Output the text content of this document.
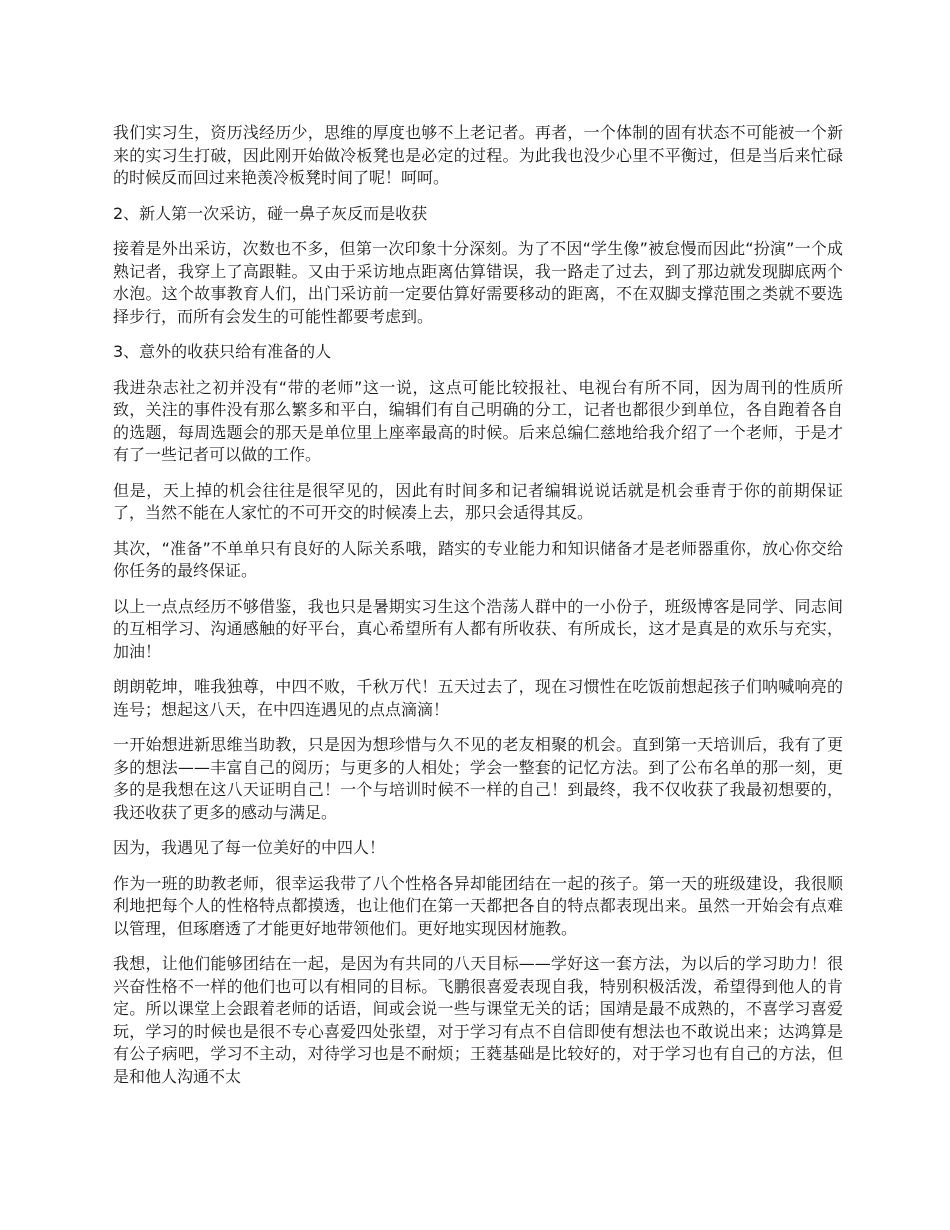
我们实习生，资历浅经历少，思维的厚度也够不上老记者。再者，一个体制的固有状态不可能被一个新来的实习生打破，因此刚开始做冷板凳也是必定的过程。为此我也没少心里不平衡过，但是当后来忙碌的时候反而回过来艳羡冷板凳时间了呢！呵呵。

2、新人第一次采访，碰一鼻子灰反而是收获

接着是外出采访，次数也不多，但第一次印象十分深刻。为了不因“学生像”被怠慢而因此“扮演”一个成熟记者，我穿上了高跟鞋。又由于采访地点距离估算错误，我一路走了过去，到了那边就发现脚底两个水泡。这个故事教育人们，出门采访前一定要估算好需要移动的距离，不在双脚支撑范围之类就不要选择步行，而所有会发生的可能性都要考虑到。

3、意外的收获只给有准备的人

我进杂志社之初并没有“带的老师”这一说，这点可能比较报社、电视台有所不同，因为周刊的性质所致，关注的事件没有那么繁多和平白，编辑们有自己明确的分工，记者也都很少到单位，各自跑着各自的选题，每周选题会的那天是单位里上座率最高的时候。后来总编仁慈地给我介绍了一个老师，于是才有了一些记者可以做的工作。

但是，天上掉的机会往往是很罕见的，因此有时间多和记者编辑说说话就是机会垂青于你的前期保证了，当然不能在人家忙的不可开交的时候凑上去，那只会适得其反。

其次，“准备”不单单只有良好的人际关系哦，踏实的专业能力和知识储备才是老师器重你，放心你交给你任务的最终保证。

以上一点点经历不够借鉴，我也只是暑期实习生这个浩荡人群中的一小份子，班级博客是同学、同志间的互相学习、沟通感触的好平台，真心希望所有人都有所收获、有所成长，这才是真是的欢乐与充实，加油！

朗朗乾坤，唯我独尊，中四不败，千秋万代！五天过去了，现在习惯性在吃饭前想起孩子们呐喊响亮的连号；想起这八天，在中四连遇见的点点滴滴！

一开始想进新思维当助教，只是因为想珍惜与久不见的老友相聚的机会。直到第一天培训后，我有了更多的想法——丰富自己的阅历；与更多的人相处；学会一整套的记忆方法。到了公布名单的那一刻，更多的是我想在这八天证明自己！一个与培训时候不一样的自己！到最终，我不仅收获了我最初想要的，我还收获了更多的感动与满足。

因为，我遇见了每一位美好的中四人！

作为一班的助教老师，很幸运我带了八个性格各异却能团结在一起的孩子。第一天的班级建设，我很顺利地把每个人的性格特点都摸透，也让他们在第一天都把各自的特点都表现出来。虽然一开始会有点难以管理，但琢磨透了才能更好地带领他们。更好地实现因材施教。

我想，让他们能够团结在一起，是因为有共同的八天目标——学好这一套方法，为以后的学习助力！很兴奋性格不一样的他们也可以有相同的目标。飞鹏很喜爱表现自我，特别积极活泼，希望得到他人的肯定。所以课堂上会跟着老师的话语，间或会说一些与课堂无关的话；国靖是最不成熟的，不喜学习喜爱玩，学习的时候也是很不专心喜爱四处张望，对于学习有点不自信即使有想法也不敢说出来；达鸿算是有公子病吧，学习不主动，对待学习也是不耐烦；王蕤基础是比较好的，对于学习也有自己的方法，但是和他人沟通不太
